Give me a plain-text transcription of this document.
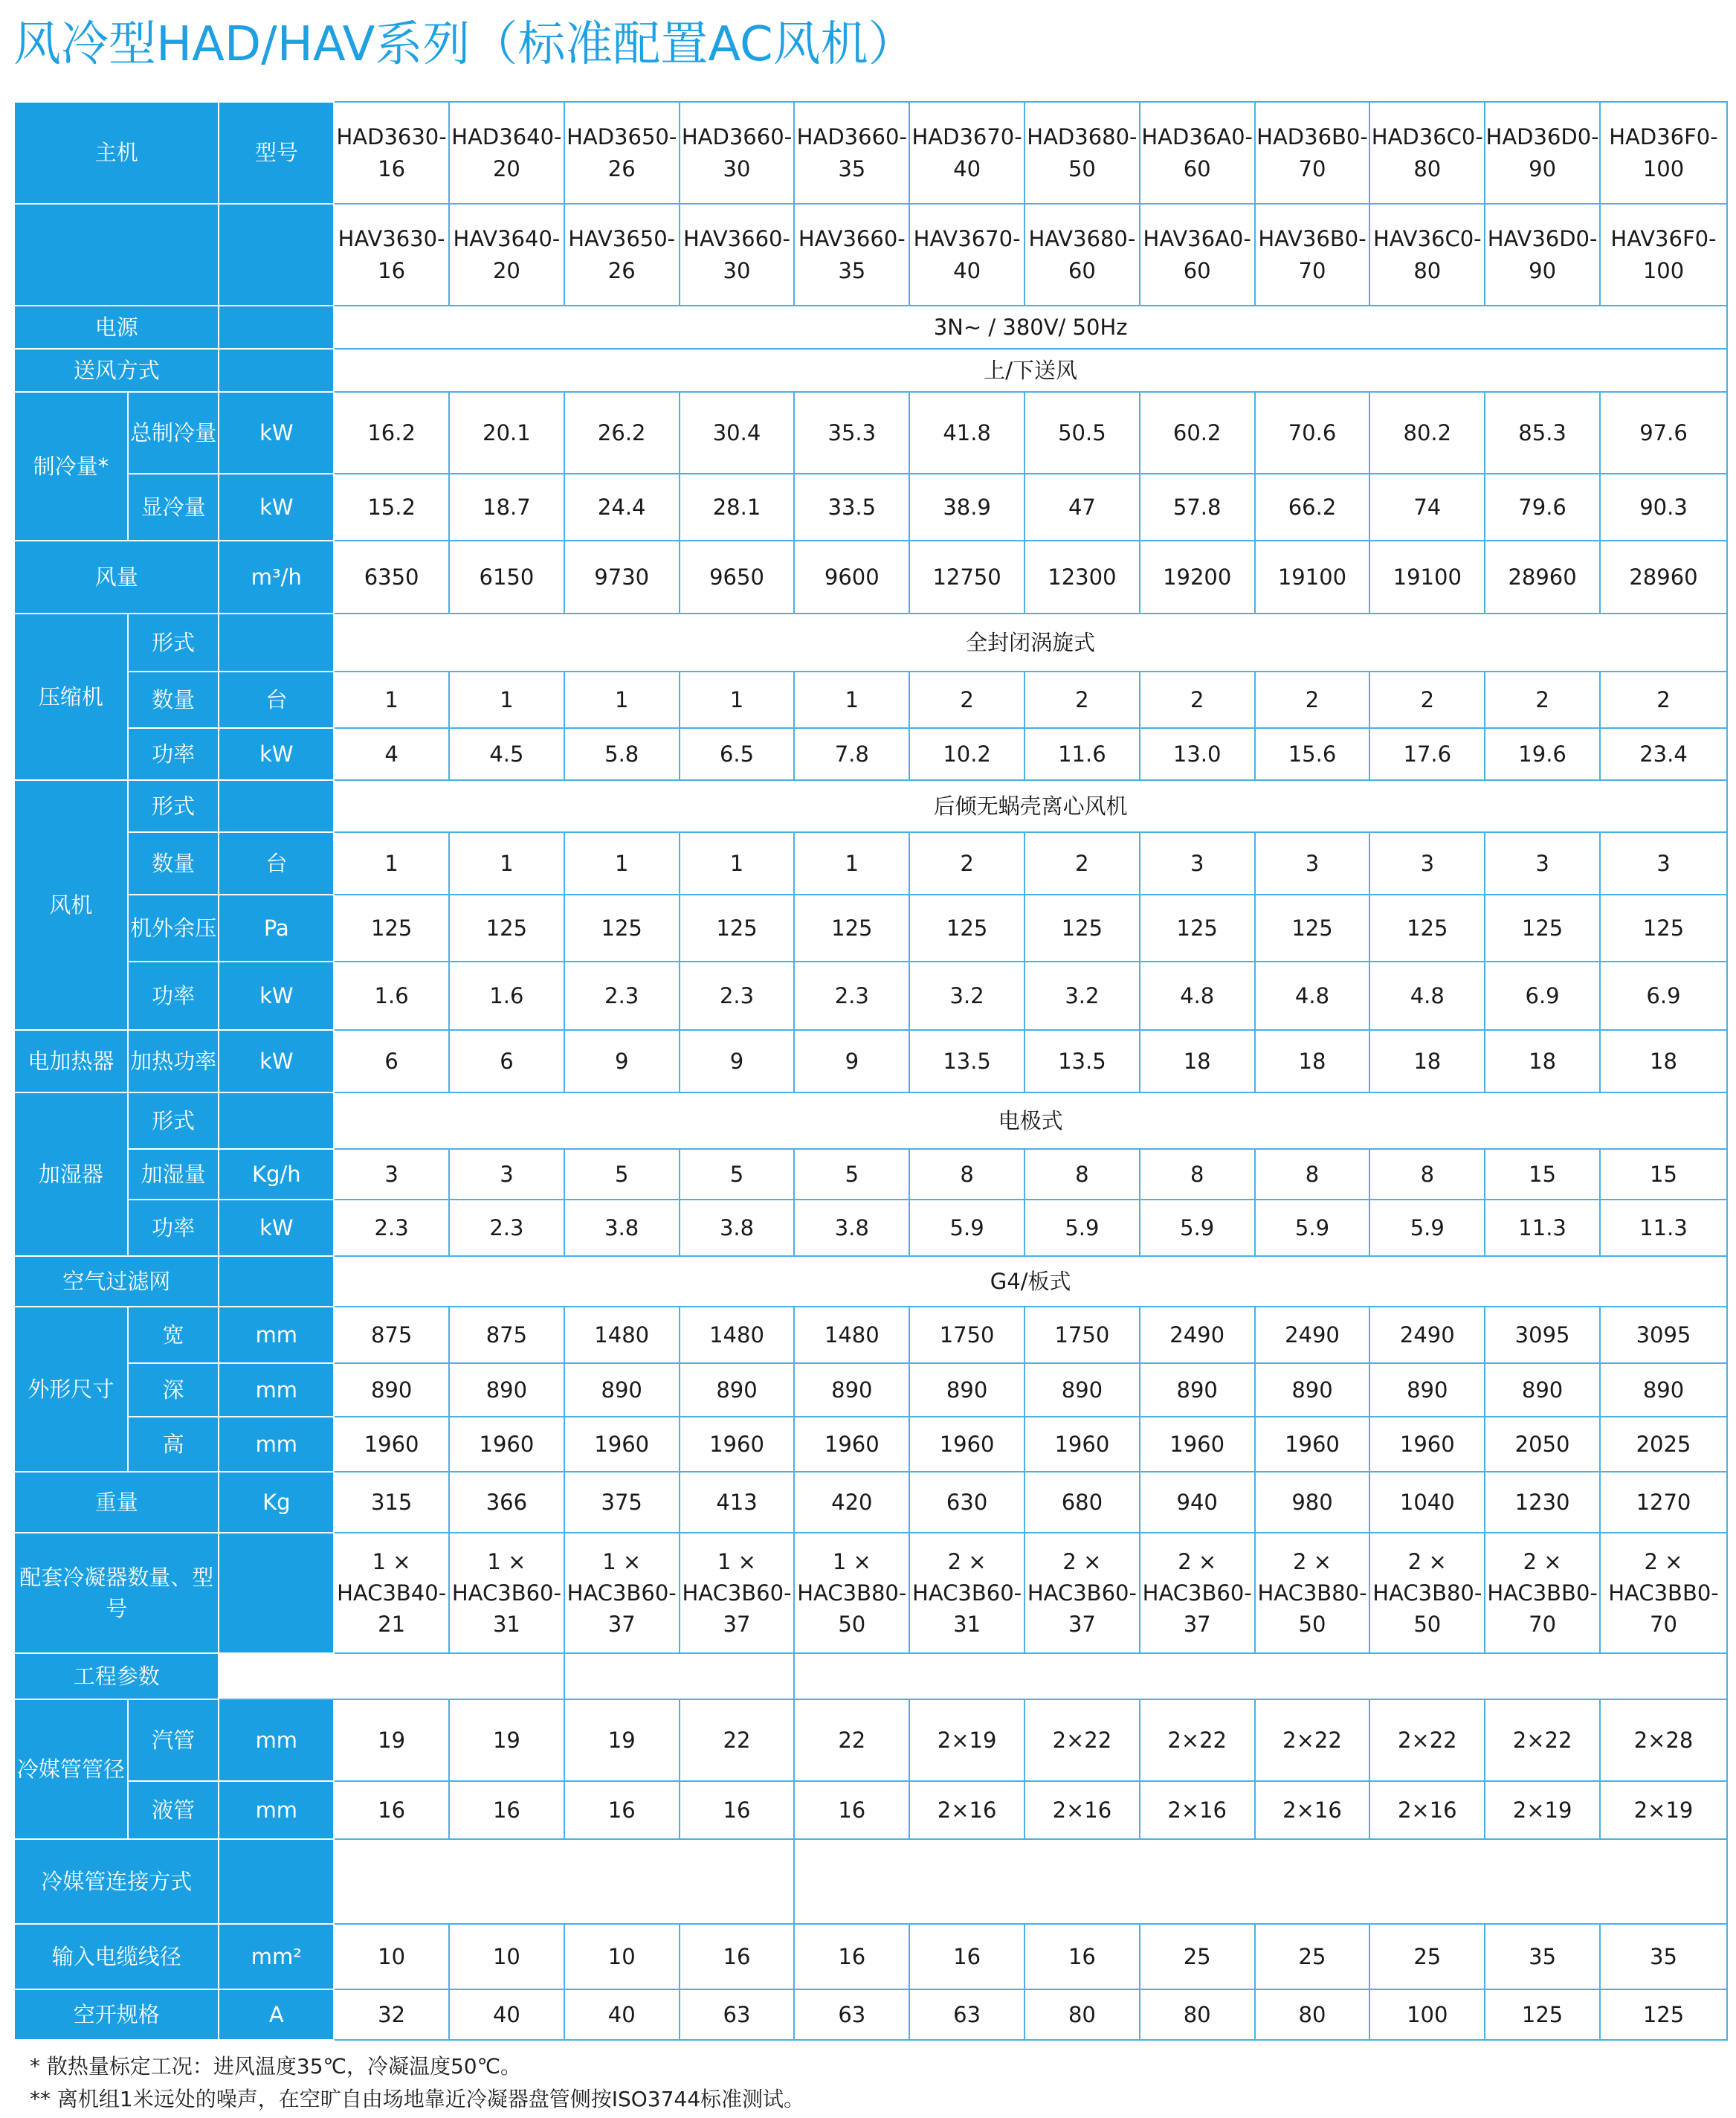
风冷型HAD/HAV系列（标准配置AC风机）
主机		型号	HAD3630-16	HAD3640-20	HAD3650-26	HAD3660-30	HAD3660-35	HAD3670-40	HAD3680-50	HAD36A0-60	HAD36B0-70	HAD36C0-80	HAD36D0-90	HAD36F0-100
			HAV3630-16	HAV3640-20	HAV3650-26	HAV3660-30	HAV3660-35	HAV3670-40	HAV3680-60	HAV36A0-60	HAV36B0-70	HAV36C0-80	HAV36D0-90	HAV36F0-100
电源			3N~ / 380V/ 50Hz											
送风方式			上/下送风											
制冷量*	总制冷量	kW	16.2	20.1	26.2	30.4	35.3	41.8	50.5	60.2	70.6	80.2	85.3	97.6
	显冷量	kW	15.2	18.7	24.4	28.1	33.5	38.9	47	57.8	66.2	74	79.6	90.3
风量		m³/h	6350	6150	9730	9650	9600	12750	12300	19200	19100	19100	28960	28960
压缩机	形式		全封闭涡旋式											
	数量	台	1	1	1	1	1	2	2	2	2	2	2	2
	功率	kW	4	4.5	5.8	6.5	7.8	10.2	11.6	13.0	15.6	17.6	19.6	23.4
风机	形式		后倾无蜗壳离心风机											
	数量	台	1	1	1	1	1	2	2	3	3	3	3	3
	机外余压	Pa	125	125	125	125	125	125	125	125	125	125	125	125
	功率	kW	1.6	1.6	2.3	2.3	2.3	3.2	3.2	4.8	4.8	4.8	6.9	6.9
电加热器	加热功率	kW	6	6	9	9	9	13.5	13.5	18	18	18	18	18
加湿器	形式		电极式											
	加湿量	Kg/h	3	3	5	5	5	8	8	8	8	8	15	15
	功率	kW	2.3	2.3	3.8	3.8	3.8	5.9	5.9	5.9	5.9	5.9	11.3	11.3
空气过滤网			G4/板式											
外形尺寸	宽	mm	875	875	1480	1480	1480	1750	1750	2490	2490	2490	3095	3095
	深	mm	890	890	890	890	890	890	890	890	890	890	890	890
	高	mm	1960	1960	1960	1960	1960	1960	1960	1960	1960	1960	2050	2025
重量		Kg	315	366	375	413	420	630	680	940	980	1040	1230	1270
配套冷凝器数量、型号			1 × HAC3B40-21	1 × HAC3B60-31	1 × HAC3B60-37	1 × HAC3B60-37	1 × HAC3B80-50	2 × HAC3B60-31	2 × HAC3B60-37	2 × HAC3B60-37	2 × HAC3B80-50	2 × HAC3B80-50	2 × HAC3BB0-70	2 × HAC3BB0-70
工程参数														
冷媒管管径	汽管	mm	19	19	19	22	22	2×19	2×22	2×22	2×22	2×22	2×22	2×28
	液管	mm	16	16	16	16	16	2×16	2×16	2×16	2×16	2×16	2×19	2×19
冷媒管连接方式														
输入电缆线径		mm²	10	10	10	16	16	16	16	25	25	25	35	35
空开规格		A	32	40	40	63	63	63	80	80	80	100	125	125
* 散热量标定工况：进风温度35℃，冷凝温度50℃。
** 离机组1米远处的噪声，在空旷自由场地靠近冷凝器盘管侧按ISO3744标准测试。
